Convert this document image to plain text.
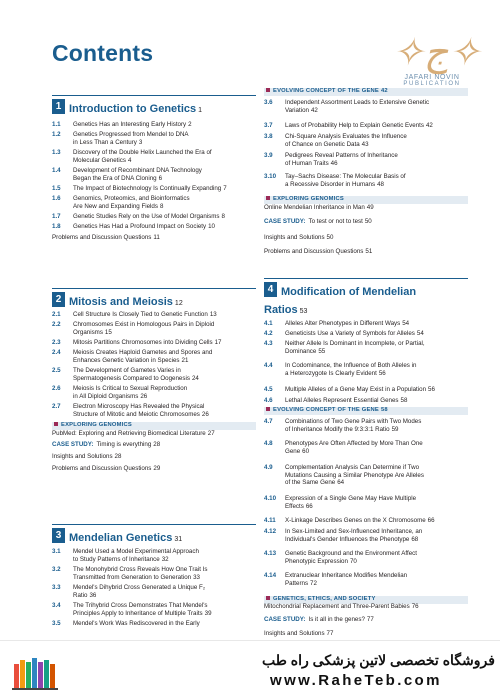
Contents	✧ج✧
JAFARI NOVIN
PUBLICATION
1 Introduction to Genetics 1
1.1	Genetics Has an Interesting Early History 2
1.2	Genetics Progressed from Mendel to DNA
in Less Than a Century 3
1.3	Discovery of the Double Helix Launched the Era of
Molecular Genetics 4
1.4	Development of Recombinant DNA Technology
Began the Era of DNA Cloning 6
1.5	The Impact of Biotechnology Is Continually Expanding 7
1.6	Genomics, Proteomics, and Bioinformatics
Are New and Expanding Fields 8
1.7	Genetic Studies Rely on the Use of Model Organisms 8
1.8	Genetics Has Had a Profound Impact on Society 10
Problems and Discussion Questions 11
2 Mitosis and Meiosis 12
2.1	Cell Structure Is Closely Tied to Genetic Function 13
2.2	Chromosomes Exist in Homologous Pairs in Diploid
Organisms 15
2.3	Mitosis Partitions Chromosomes into Dividing Cells 17
2.4	Meiosis Creates Haploid Gametes and Spores and
Enhances Genetic Variation in Species 21
2.5	The Development of Gametes Varies in
Spermatogenesis Compared to Oogenesis 24
2.6	Meiosis Is Critical to Sexual Reproduction
in All Diploid Organisms 26
2.7	Electron Microscopy Has Revealed the Physical
Structure of Mitotic and Meiotic Chromosomes 26
EXPLORING GENOMICS
PubMed: Exploring and Retrieving Biomedical Literature 27
CASE STUDY: Timing is everything 28
Insights and Solutions 28
Problems and Discussion Questions 29
3 Mendelian Genetics 31
3.1	Mendel Used a Model Experimental Approach
to Study Patterns of Inheritance 32
3.2	The Monohybrid Cross Reveals How One Trait Is
Transmitted from Generation to Generation 33
3.3	Mendel's Dihybrid Cross Generated a Unique F₂
Ratio 36
3.4	The Trihybrid Cross Demonstrates That Mendel's
Principles Apply to Inheritance of Multiple Traits 39
3.5	Mendel's Work Was Rediscovered in the Early
EVOLVING CONCEPT OF THE GENE 42
3.6	Independent Assortment Leads to Extensive Genetic
Variation 42
3.7	Laws of Probability Help to Explain Genetic Events 42
3.8	Chi-Square Analysis Evaluates the Influence
of Chance on Genetic Data 43
3.9	Pedigrees Reveal Patterns of Inheritance
of Human Traits 46
3.10	Tay–Sachs Disease: The Molecular Basis of
a Recessive Disorder in Humans 48
EXPLORING GENOMICS
Online Mendelian Inheritance in Man 49
CASE STUDY: To test or not to test 50
Insights and Solutions 50
Problems and Discussion Questions 51
4 Modification of Mendelian
Ratios 53
4.1	Alleles Alter Phenotypes in Different Ways 54
4.2	Geneticists Use a Variety of Symbols for Alleles 54
4.3	Neither Allele Is Dominant in Incomplete, or Partial,
Dominance 55
4.4	In Codominance, the Influence of Both Alleles in
a Heterozygote Is Clearly Evident 56
4.5	Multiple Alleles of a Gene May Exist in a Population 56
4.6	Lethal Alleles Represent Essential Genes 58
EVOLVING CONCEPT OF THE GENE 58
4.7	Combinations of Two Gene Pairs with Two Modes
of Inheritance Modify the 9:3:3:1 Ratio 59
4.8	Phenotypes Are Often Affected by More Than One
Gene 60
4.9	Complementation Analysis Can Determine if Two
Mutations Causing a Similar Phenotype Are Alleles
of the Same Gene 64
4.10	Expression of a Single Gene May Have Multiple
Effects 66
4.11	X-Linkage Describes Genes on the X Chromosome 66
4.12	In Sex-Limited and Sex-Influenced Inheritance, an
Individual's Gender Influences the Phenotype 68
4.13	Genetic Background and the Environment Affect
Phenotypic Expression 70
4.14	Extranuclear Inheritance Modifies Mendelian
Patterns 72
GENETICS, ETHICS, AND SOCIETY
Mitochondrial Replacement and Three-Parent Babies 76
CASE STUDY: Is it all in the genes? 77
Insights and Solutions 77
فروشگاه تخصصی لاتین پزشکی راه طب
www.RaheTeb.com
